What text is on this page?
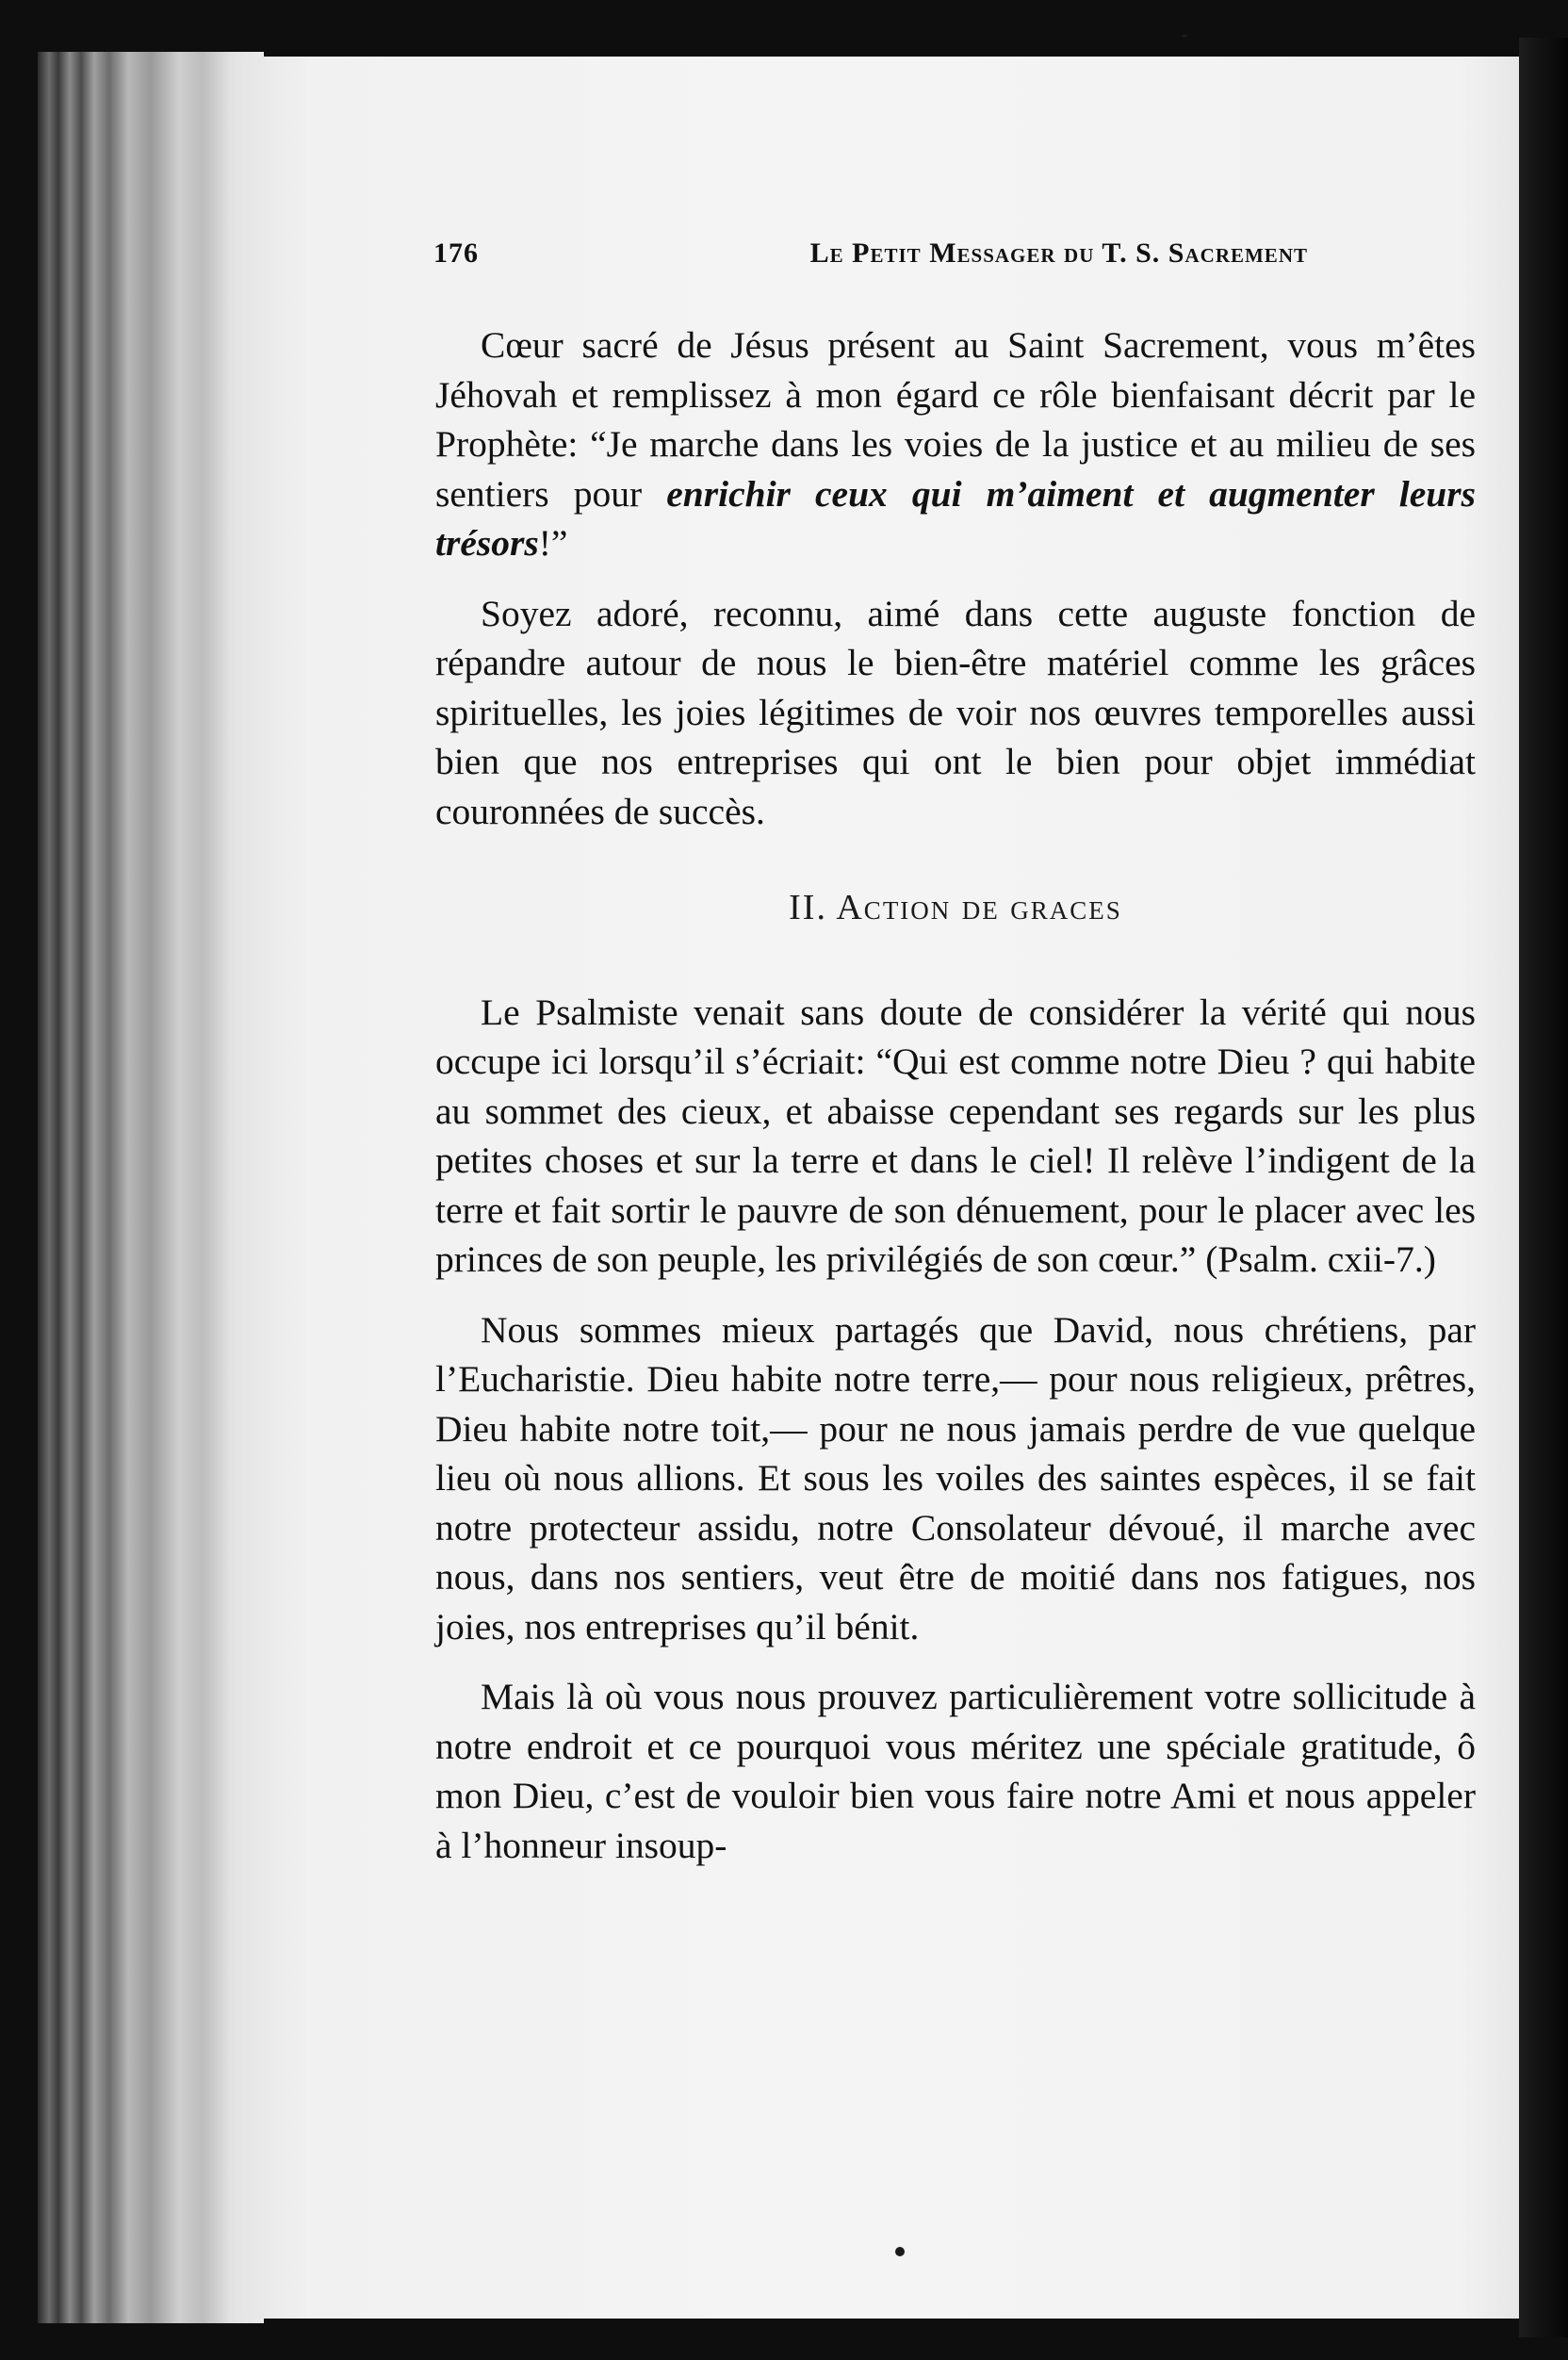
176	Le Petit Messager du T. S. Sacrement

Cœur sacré de Jésus présent au Saint Sacrement, vous m’êtes Jéhovah et remplissez à mon égard ce rôle bienfaisant décrit par le Prophète: “Je marche dans les voies de la justice et au milieu de ses sentiers pour enrichir ceux qui m’aiment et augmenter leurs trésors!”

Soyez adoré, reconnu, aimé dans cette auguste fonction de répandre autour de nous le bien-être matériel comme les grâces spirituelles, les joies légitimes de voir nos œuvres temporelles aussi bien que nos entreprises qui ont le bien pour objet immédiat couronnées de succès.

II. Action de graces

Le Psalmiste venait sans doute de considérer la vérité qui nous occupe ici lorsqu’il s’écriait: “Qui est comme notre Dieu ? qui habite au sommet des cieux, et abaisse cependant ses regards sur les plus petites choses et sur la terre et dans le ciel! Il relève l’indigent de la terre et fait sortir le pauvre de son dénuement, pour le placer avec les princes de son peuple, les privilégiés de son cœur.” (Psalm. cxii-7.)

Nous sommes mieux partagés que David, nous chrétiens, par l’Eucharistie. Dieu habite notre terre,— pour nous religieux, prêtres, Dieu habite notre toit,— pour ne nous jamais perdre de vue quelque lieu où nous allions. Et sous les voiles des saintes espèces, il se fait notre protecteur assidu, notre Consolateur dévoué, il marche avec nous, dans nos sentiers, veut être de moitié dans nos fatigues, nos joies, nos entreprises qu’il bénit.

Mais là où vous nous prouvez particulièrement votre sollicitude à notre endroit et ce pourquoi vous méritez une spéciale gratitude, ô mon Dieu, c’est de vouloir bien vous faire notre Ami et nous appeler à l’honneur insoup-
